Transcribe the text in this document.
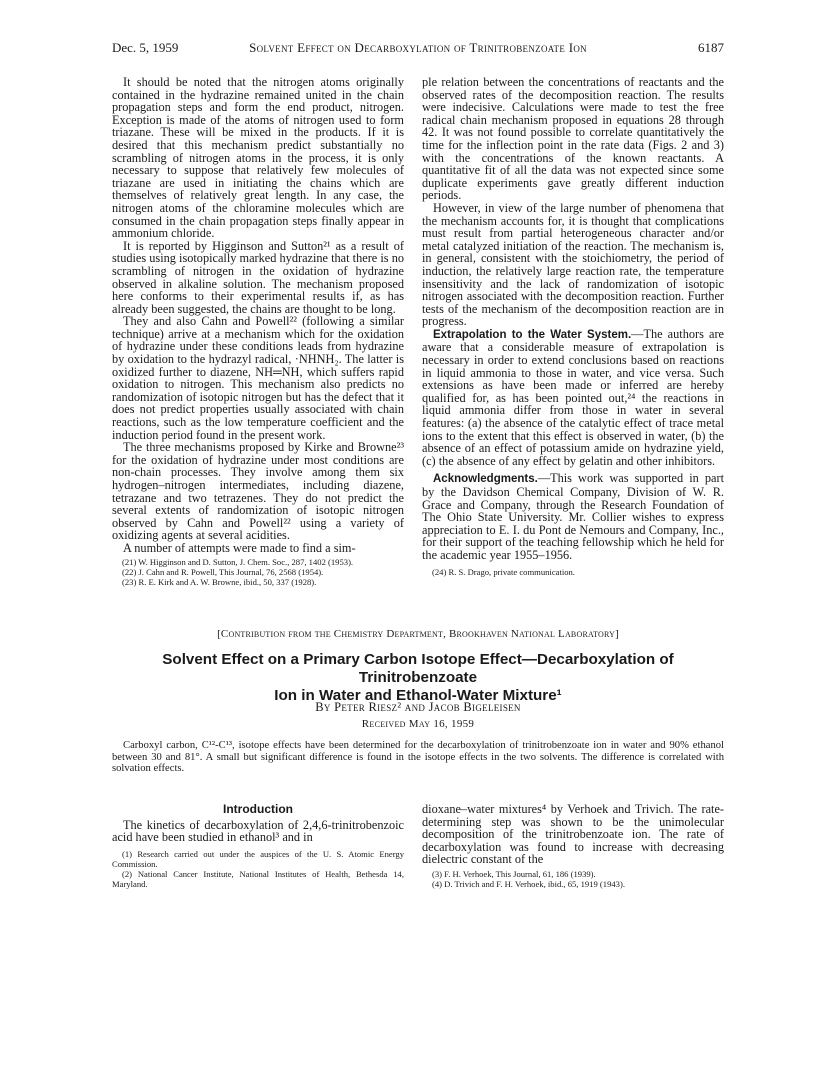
Dec. 5, 1959	Solvent Effect on Decarboxylation of Trinitrobenzoate Ion	6187

It should be noted that the nitrogen atoms originally contained in the hydrazine remained united in the chain propagation steps and form the end product, nitrogen. Exception is made of the atoms of nitrogen used to form triazane. These will be mixed in the products. If it is desired that this mechanism predict substantially no scrambling of nitrogen atoms in the process, it is only necessary to suppose that relatively few molecules of triazane are used in initiating the chains which are themselves of relatively great length. In any case, the nitrogen atoms of the chloramine molecules which are consumed in the chain propagation steps finally appear in ammonium chloride.

It is reported by Higginson and Sutton²¹ as a result of studies using isotopically marked hydrazine that there is no scrambling of nitrogen in the oxidation of hydrazine observed in alkaline solution. The mechanism proposed here conforms to their experimental results if, as has already been suggested, the chains are thought to be long.

They and also Cahn and Powell²² (following a similar technique) arrive at a mechanism which for the oxidation of hydrazine under these conditions leads from hydrazine by oxidation to the hydrazyl radical, ·NHNH₂. The latter is oxidized further to diazene, NH═NH, which suffers rapid oxidation to nitrogen. This mechanism also predicts no randomization of isotopic nitrogen but has the defect that it does not predict properties usually associated with chain reactions, such as the low temperature coefficient and the induction period found in the present work.

The three mechanisms proposed by Kirke and Browne²³ for the oxidation of hydrazine under most conditions are non-chain processes. They involve among them six hydrogen–nitrogen intermediates, including diazene, tetrazane and two tetrazenes. They do not predict the several extents of randomization of isotopic nitrogen observed by Cahn and Powell²² using a variety of oxidizing agents at several acidities.

A number of attempts were made to find a sim-

(21) W. Higginson and D. Sutton, J. Chem. Soc., 287, 1402 (1953).
(22) J. Cahn and R. Powell, This Journal, 76, 2568 (1954).
(23) R. E. Kirk and A. W. Browne, ibid., 50, 337 (1928).

ple relation between the concentrations of reactants and the observed rates of the decomposition reaction. The results were indecisive. Calculations were made to test the free radical chain mechanism proposed in equations 28 through 42. It was not found possible to correlate quantitatively the time for the inflection point in the rate data (Figs. 2 and 3) with the concentrations of the known reactants. A quantitative fit of all the data was not expected since some duplicate experiments gave greatly different induction periods.

However, in view of the large number of phenomena that the mechanism accounts for, it is thought that complications must result from partial heterogeneous character and/or metal catalyzed initiation of the reaction. The mechanism is, in general, consistent with the stoichiometry, the period of induction, the relatively large reaction rate, the temperature insensitivity and the lack of randomization of isotopic nitrogen associated with the decomposition reaction. Further tests of the mechanism of the decomposition reaction are in progress.

Extrapolation to the Water System.—The authors are aware that a considerable measure of extrapolation is necessary in order to extend conclusions based on reactions in liquid ammonia to those in water, and vice versa. Such extensions as have been made or inferred are hereby qualified for, as has been pointed out,²⁴ the reactions in liquid ammonia differ from those in water in several features: (a) the absence of the catalytic effect of trace metal ions to the extent that this effect is observed in water, (b) the absence of an effect of potassium amide on hydrazine yield, (c) the absence of any effect by gelatin and other inhibitors.

Acknowledgments.—This work was supported in part by the Davidson Chemical Company, Division of W. R. Grace and Company, through the Research Foundation of The Ohio State University. Mr. Collier wishes to express appreciation to E. I. du Pont de Nemours and Company, Inc., for their support of the teaching fellowship which he held for the academic year 1955–1956.

(24) R. S. Drago, private communication.
[Contribution from the Chemistry Department, Brookhaven National Laboratory]
Solvent Effect on a Primary Carbon Isotope Effect—Decarboxylation of Trinitrobenzoate
Ion in Water and Ethanol-Water Mixture¹
By Peter Riesz² and Jacob Bigeleisen
Received May 16, 1959

Carboxyl carbon, C¹²-C¹³, isotope effects have been determined for the decarboxylation of trinitrobenzoate ion in water and 90% ethanol between 30 and 81°. A small but significant difference is found in the isotope effects in the two solvents. The difference is correlated with solvation effects.

Introduction

The kinetics of decarboxylation of 2,4,6-trinitrobenzoic acid have been studied in ethanol³ and in

(1) Research carried out under the auspices of the U. S. Atomic Energy Commission.
(2) National Cancer Institute, National Institutes of Health, Bethesda 14, Maryland.

dioxane–water mixtures⁴ by Verhoek and Trivich. The rate-determining step was shown to be the unimolecular decomposition of the trinitrobenzoate ion. The rate of decarboxylation was found to increase with decreasing dielectric constant of the

(3) F. H. Verhoek, This Journal, 61, 186 (1939).
(4) D. Trivich and F. H. Verhoek, ibid., 65, 1919 (1943).
